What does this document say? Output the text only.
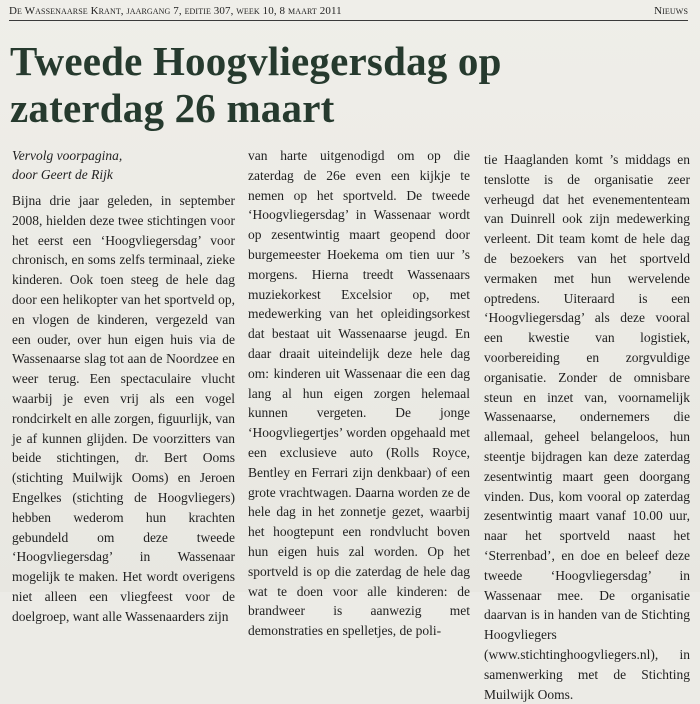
De Wassenaarse Krant, jaargang 7, editie 307, week 10, 8 maart 2011	Nieuws
Tweede Hoogvliegersdag op
zaterdag 26 maart
Vervolg voorpagina,
door Geert de Rijk

Bijna drie jaar geleden, in september 2008, hielden deze twee stichtingen voor het eerst een ‘Hoogvliegersdag’ voor chronisch, en soms zelfs terminaal, zieke kinderen. Ook toen steeg de hele dag door een helikopter van het sportveld op, en vlogen de kinderen, vergezeld van een ouder, over hun eigen huis via de Wassenaarse slag tot aan de Noordzee en weer terug. Een spectaculaire vlucht waarbij je even vrij als een vogel rondcirkelt en alle zorgen, figuurlijk, van je af kunnen glijden. De voorzitters van beide stichtingen, dr. Bert Ooms (stichting Muilwijk Ooms) en Jeroen Engelkes (stichting de Hoogvliegers) hebben wederom hun krachten gebundeld om deze tweede ‘Hoogvliegersdag’ in Wassenaar mogelijk te maken. Het wordt overigens niet alleen een vliegfeest voor de doelgroep, want alle Wassenaarders zijn

van harte uitgenodigd om op die zaterdag de 26e even een kijkje te nemen op het sportveld. De tweede ‘Hoogvliegersdag’ in Wassenaar wordt op zesentwintig maart geopend door burgemeester Hoekema om tien uur ’s morgens. Hierna treedt Wassenaars muziekorkest Excelsior op, met medewerking van het opleidingsorkest dat bestaat uit Wassenaarse jeugd. En daar draait uiteindelijk deze hele dag om: kinderen uit Wassenaar die een dag lang al hun eigen zorgen helemaal kunnen vergeten. De jonge ‘Hoogvliegertjes’ worden opgehaald met een exclusieve auto (Rolls Royce, Bentley en Ferrari zijn denkbaar) of een grote vrachtwagen. Daarna worden ze de hele dag in het zonnetje gezet, waarbij het hoogtepunt een rondvlucht boven hun eigen huis zal worden. Op het sportveld is op die zaterdag de hele dag wat te doen voor alle kinderen: de brandweer is aanwezig met demonstraties en spelletjes, de poli-

tie Haaglanden komt ’s middags en tenslotte is de organisatie zeer verheugd dat het evenemententeam van Duinrell ook zijn medewerking verleent. Dit team komt de hele dag de bezoekers van het sportveld vermaken met hun wervelende optredens. Uiteraard is een ‘Hoogvliegersdag’ als deze vooral een kwestie van logistiek, voorbereiding en zorgvuldige organisatie. Zonder de omnisbare steun en inzet van, voornamelijk Wassenaarse, ondernemers die allemaal, geheel belangeloos, hun steentje bijdragen kan deze zaterdag zesentwintig maart geen doorgang vinden. Dus, kom vooral op zaterdag zesentwintig maart vanaf 10.00 uur, naar het sportveld naast het ‘Sterrenbad’, en doe en beleef deze tweede ‘Hoogvliegersdag’ in Wassenaar mee. De organisatie daarvan is in handen van de Stichting Hoogvliegers (www.stichtinghoogvliegers.nl), in samenwerking met de Stichting Muilwijk Ooms.
